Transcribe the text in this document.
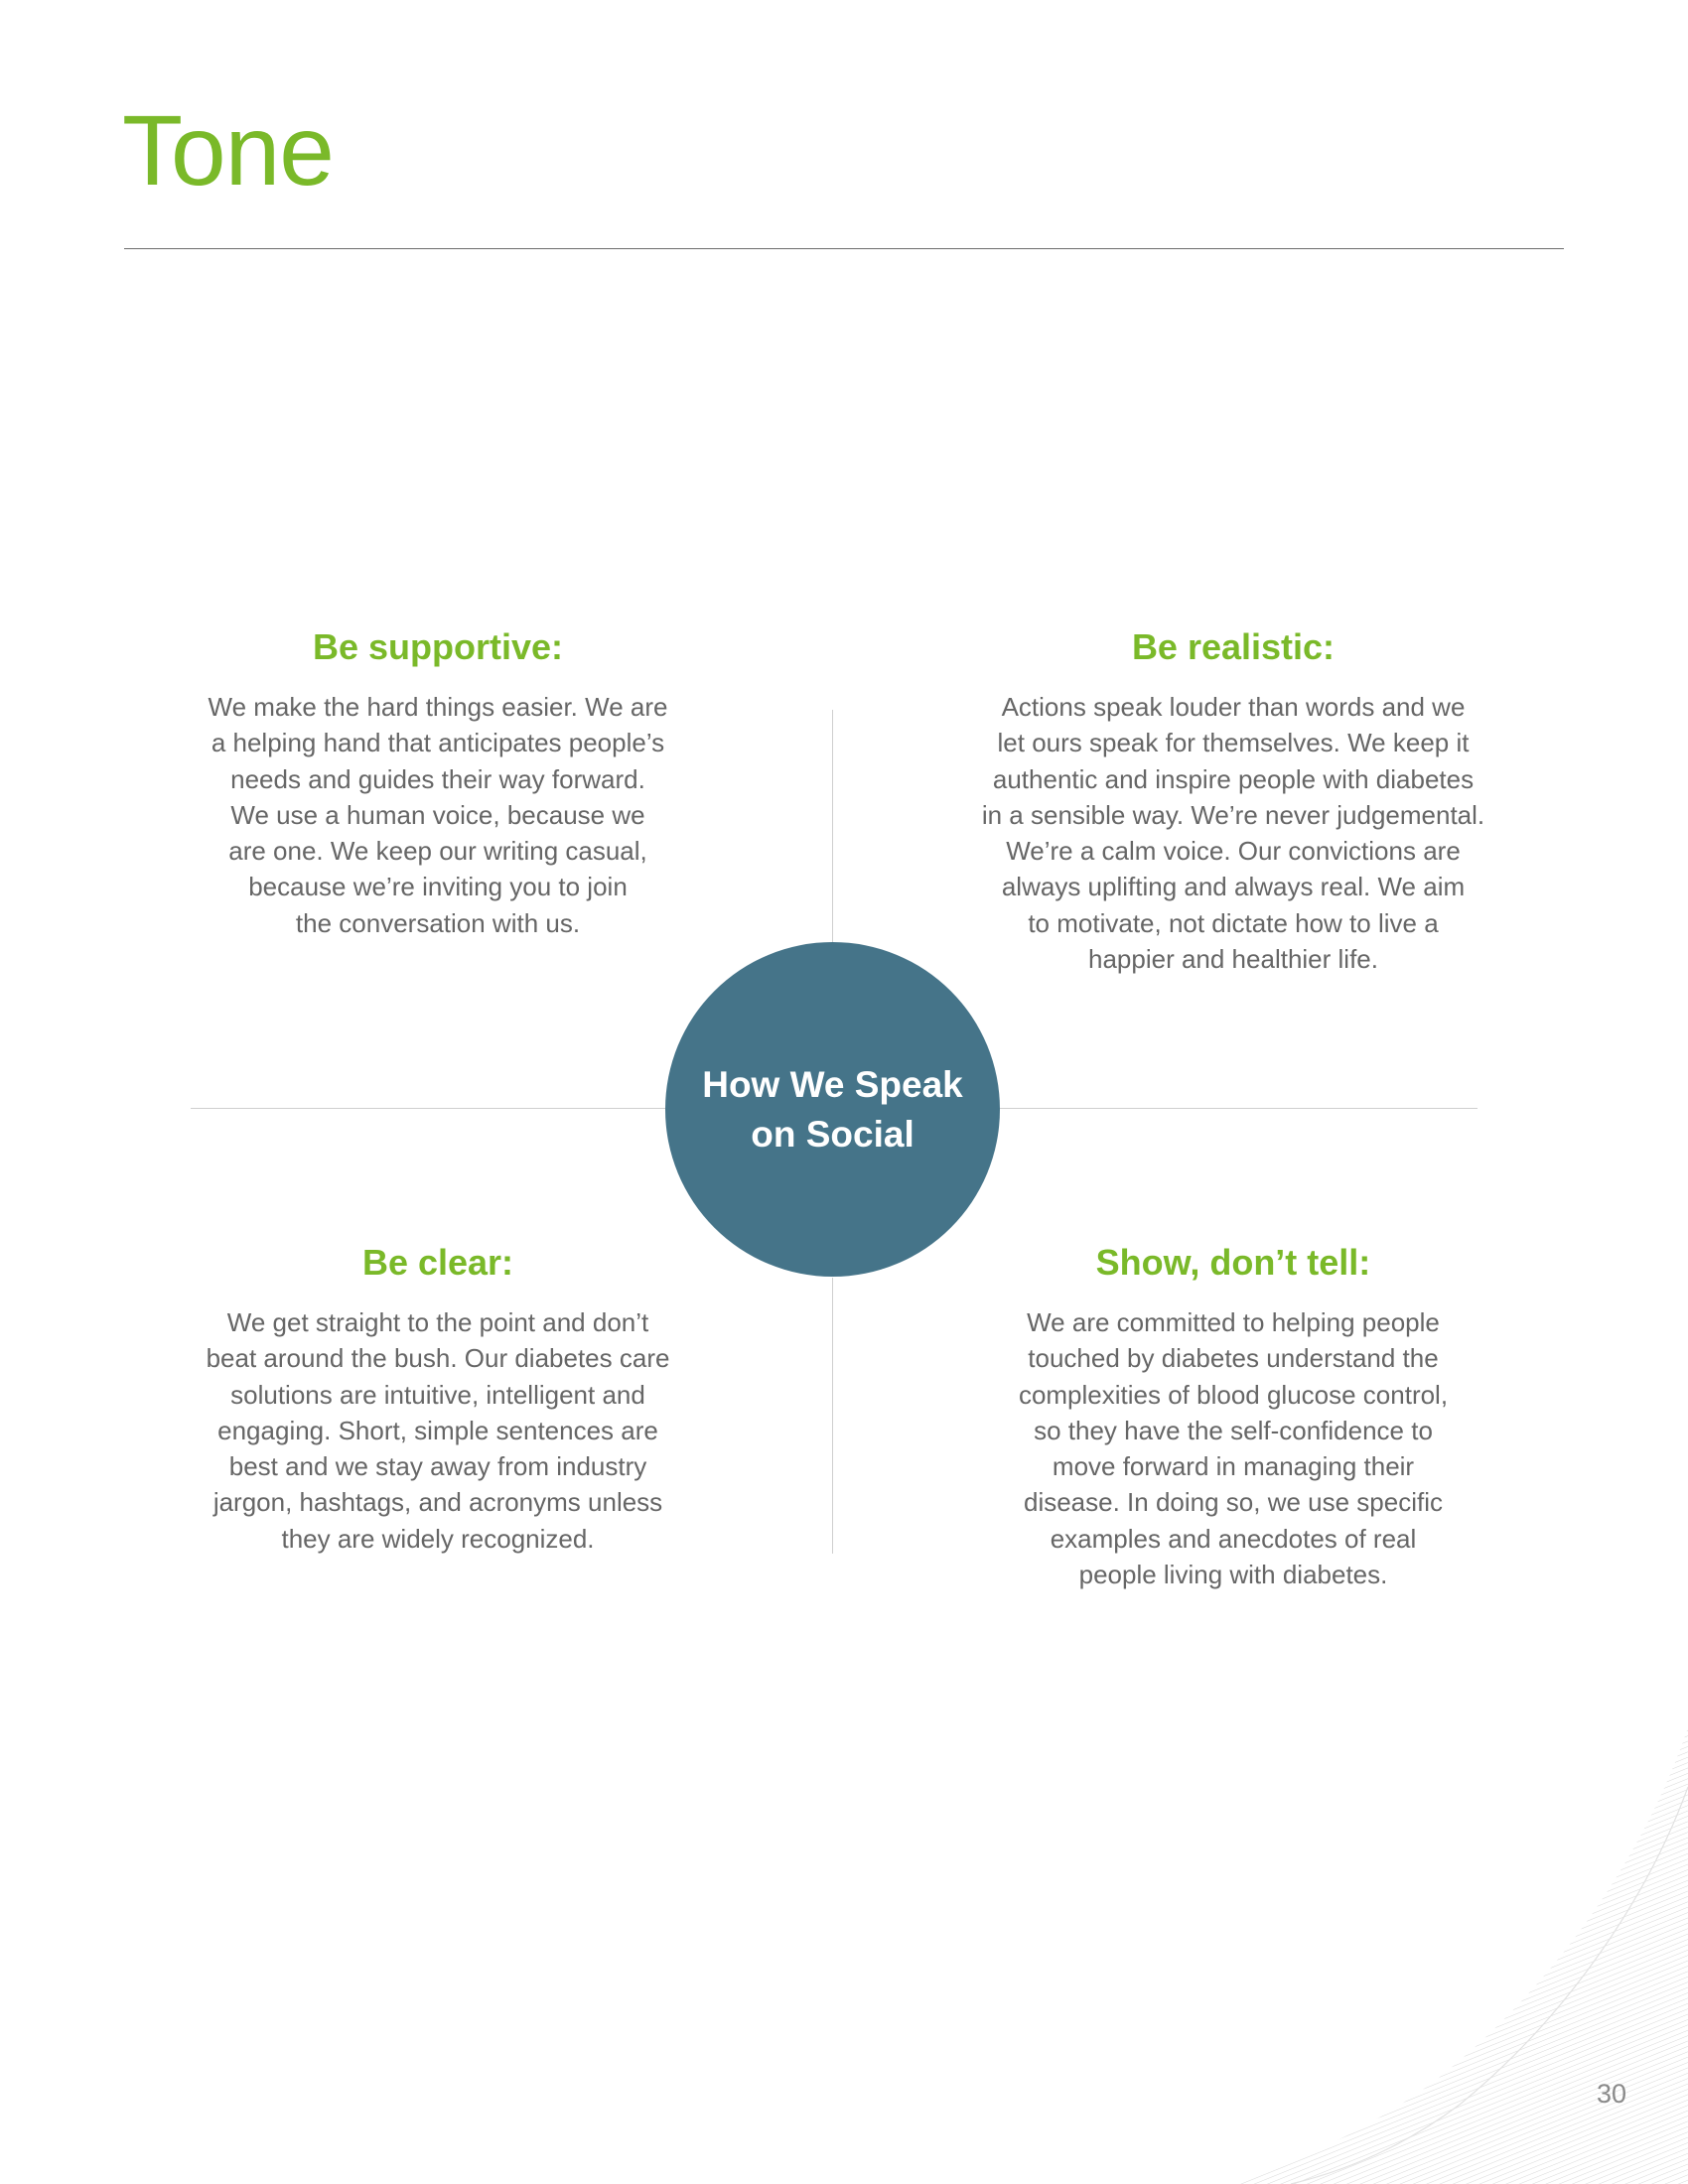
Tone
Be supportive:

We make the hard things easier. We are
a helping hand that anticipates people’s
needs and guides their way forward.
We use a human voice, because we
are one. We keep our writing casual,
because we’re inviting you to join
the conversation with us.

Be realistic:

Actions speak louder than words and we
let ours speak for themselves. We keep it
authentic and inspire people with diabetes
in a sensible way. We’re never judgemental.
We’re a calm voice. Our convictions are
always uplifting and always real. We aim
to motivate, not dictate how to live a
happier and healthier life.

Be clear:

We get straight to the point and don’t
beat around the bush. Our diabetes care
solutions are intuitive, intelligent and
engaging. Short, simple sentences are
best and we stay away from industry
jargon, hashtags, and acronyms unless
they are widely recognized.

Show, don’t tell:

We are committed to helping people
touched by diabetes understand the
complexities of blood glucose control,
so they have the self-confidence to
move forward in managing their
disease. In doing so, we use specific
examples and anecdotes of real
people living with diabetes.

How We Speak
on Social
30
